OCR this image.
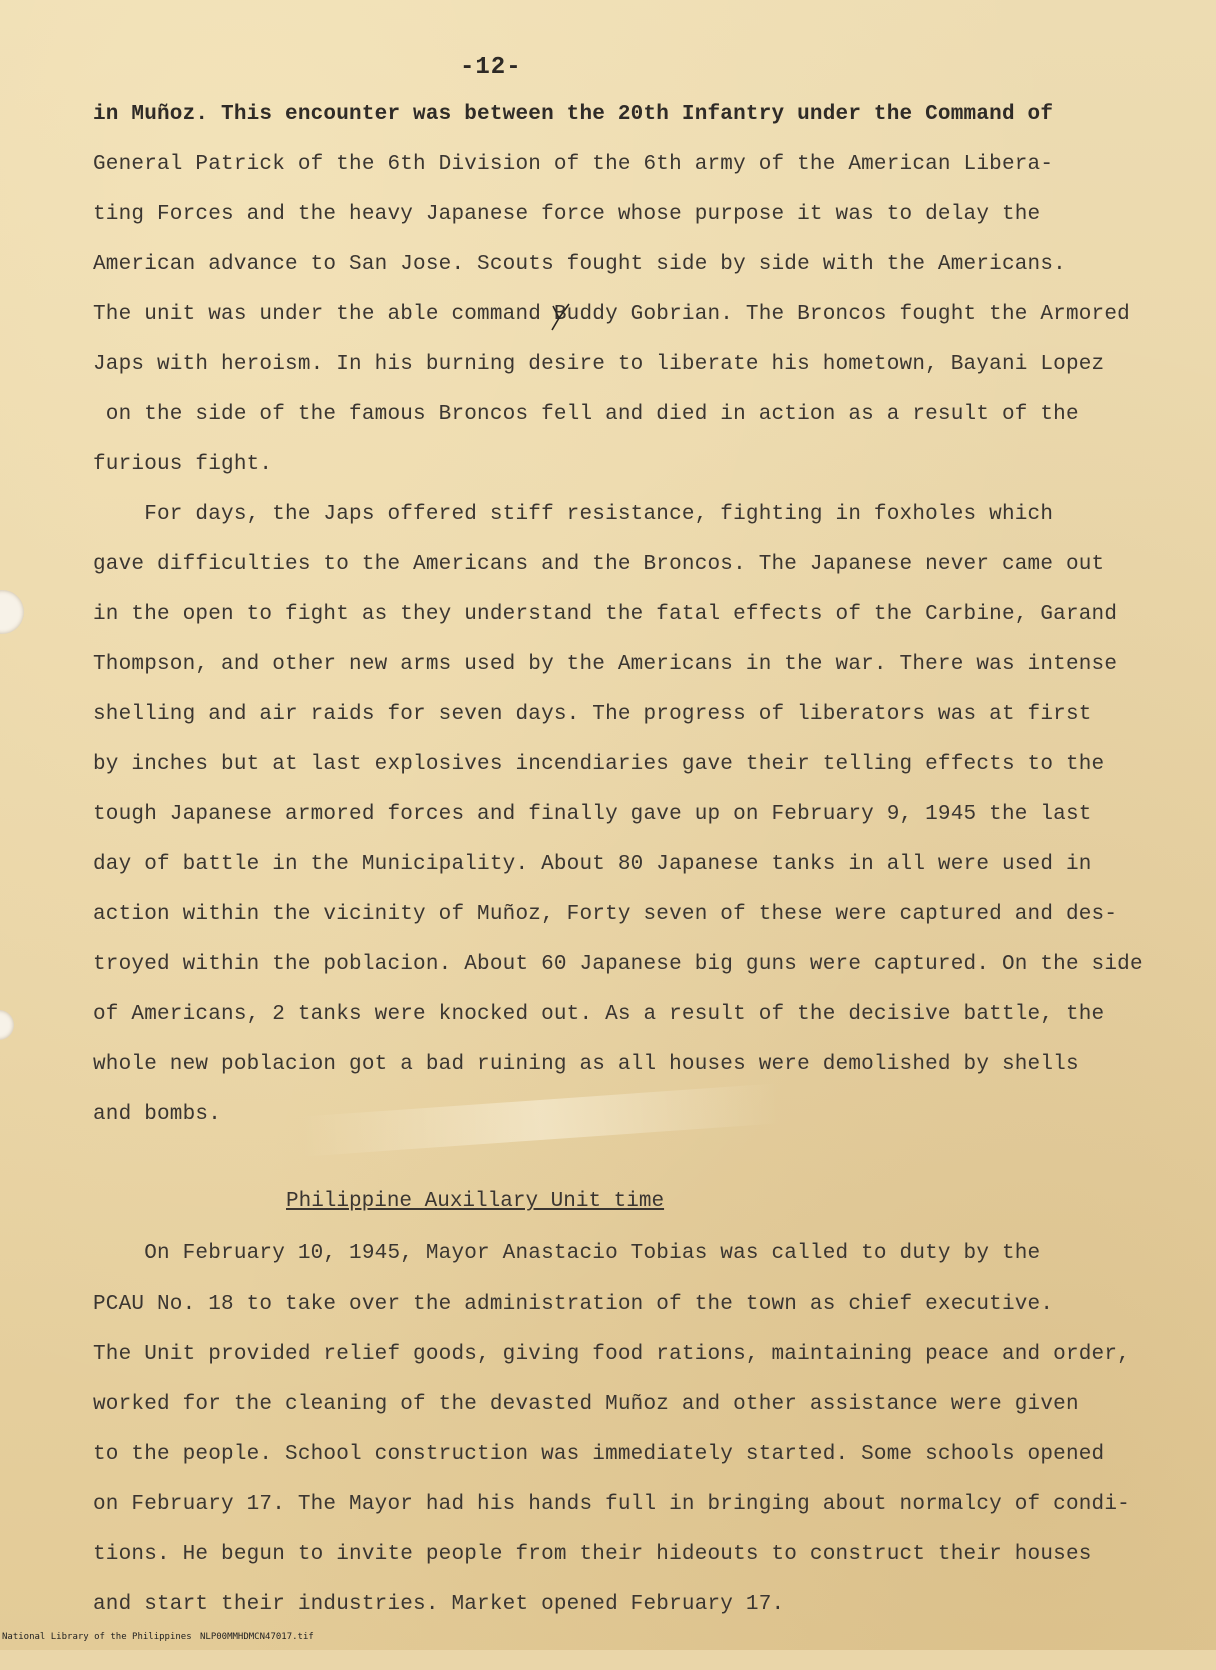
-12-
in Muñoz. This encounter was between the 20th Infantry under the Command of
General Patrick of the 6th Division of the 6th army of the American Libera-
ting Forces and the heavy Japanese force whose purpose it was to delay the
American advance to San Jose. Scouts fought side by side with the Americans.
The unit was under the able command Buddy Gobrian. The Broncos fought the Armored
Japs with heroism. In his burning desire to liberate his hometown, Bayani Lopez
on the side of the famous Broncos fell and died in action as a result of the
furious fight.
For days, the Japs offered stiff resistance, fighting in foxholes which
gave difficulties to the Americans and the Broncos. The Japanese never came out
in the open to fight as they understand the fatal effects of the Carbine, Garand
Thompson, and other new arms used by the Americans in the war. There was intense
shelling and air raids for seven days. The progress of liberators was at first
by inches but at last explosives incendiaries gave their telling effects to the
tough Japanese armored forces and finally gave up on February 9, 1945 the last
day of battle in the Municipality. About 80 Japanese tanks in all were used in
action within the vicinity of Muñoz, Forty seven of these were captured and des-
troyed within the poblacion. About 60 Japanese big guns were captured. On the side
of Americans, 2 tanks were knocked out. As a result of the decisive battle, the
whole new poblacion got a bad ruining as all houses were demolished by shells
and bombs.
Philippine Auxillary Unit time
On February 10, 1945, Mayor Anastacio Tobias was called to duty by the
PCAU No. 18 to take over the administration of the town as chief executive.
The Unit provided relief goods, giving food rations, maintaining peace and order,
worked for the cleaning of the devasted Muñoz and other assistance were given
to the people. School construction was immediately started. Some schools opened
on February 17. The Mayor had his hands full in bringing about normalcy of condi-
tions. He begun to invite people from their hideouts to construct their houses
and start their industries. Market opened February 17.

National Library of the Philippines

NLP00MMHDMCN47017.tif
